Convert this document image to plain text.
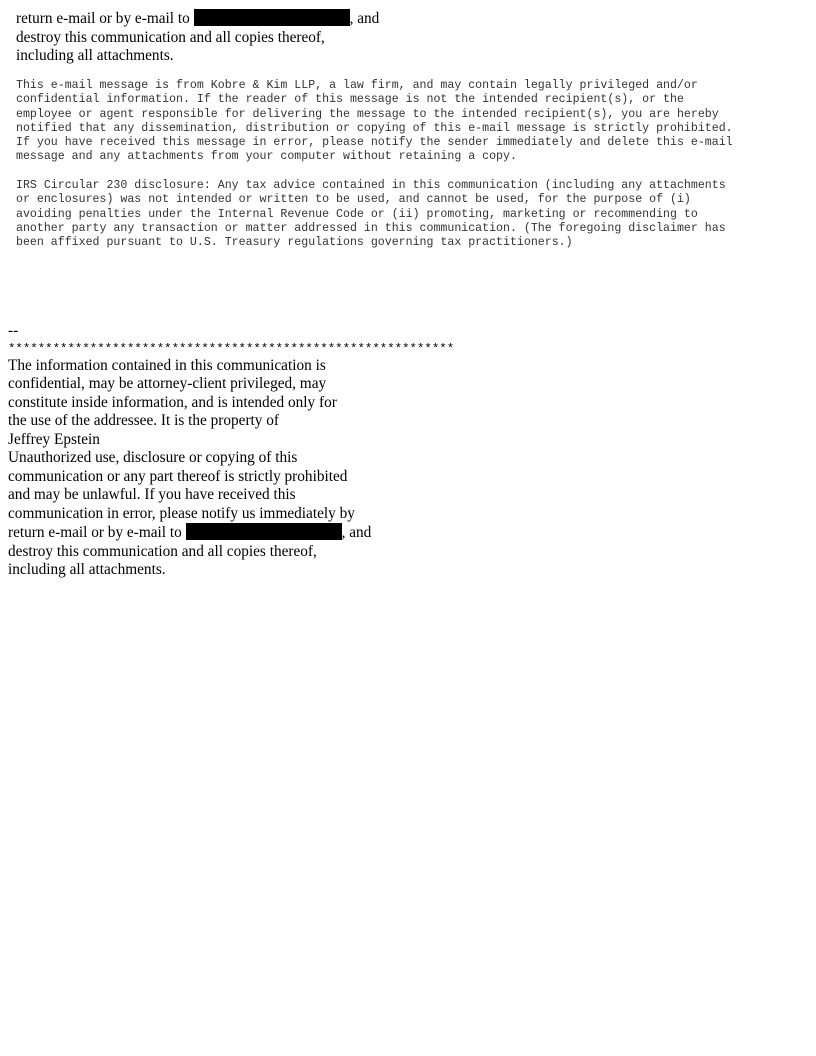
return e-mail or by e-mail to	, and
destroy this communication and all copies thereof,
including all attachments.
This e-mail message is from Kobre & Kim LLP, a law firm, and may contain legally privileged and/or
confidential information. If the reader of this message is not the intended recipient(s), or the
employee or agent responsible for delivering the message to the intended recipient(s), you are hereby
notified that any dissemination, distribution or copying of this e-mail message is strictly prohibited.
If you have received this message in error, please notify the sender immediately and delete this e-mail
message and any attachments from your computer without retaining a copy.
IRS Circular 230 disclosure: Any tax advice contained in this communication (including any attachments
or enclosures) was not intended or written to be used, and cannot be used, for the purpose of (i)
avoiding penalties under the Internal Revenue Code or (ii) promoting, marketing or recommending to
another party any transaction or matter addressed in this communication. (The foregoing disclaimer has
been affixed pursuant to U.S. Treasury regulations governing tax practitioners.)
--
************************************************************
The information contained in this communication is
confidential, may be attorney-client privileged, may
constitute inside information, and is intended only for
the use of the addressee. It is the property of
Jeffrey Epstein
Unauthorized use, disclosure or copying of this
communication or any part thereof is strictly prohibited
and may be unlawful. If you have received this
communication in error, please notify us immediately by
return e-mail or by e-mail to	, and
destroy this communication and all copies thereof,
including all attachments.
